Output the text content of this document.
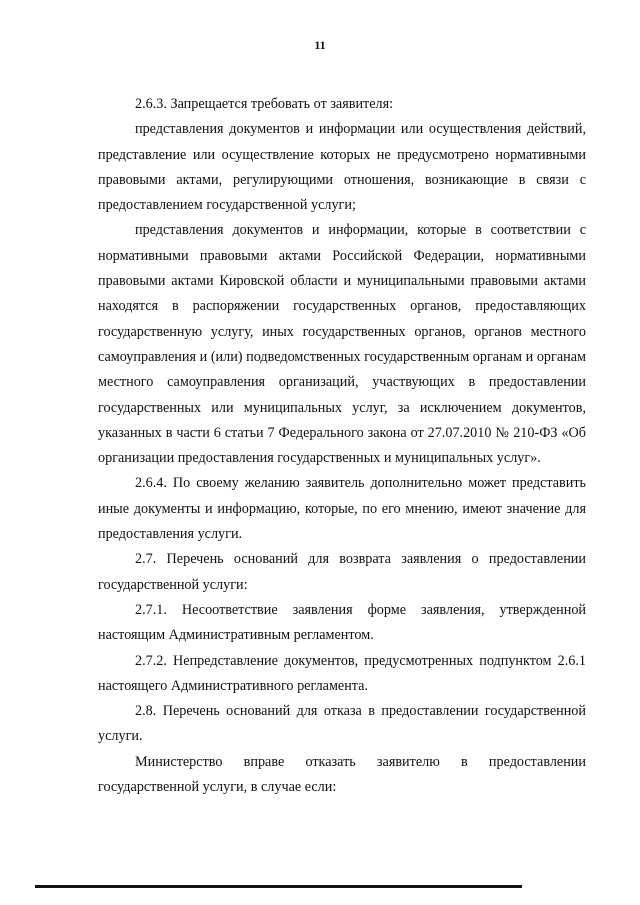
11

2.6.3. Запрещается требовать от заявителя:

представления документов и информации или осуществления действий, представление или осуществление которых не предусмотрено нормативными правовыми актами, регулирующими отношения, возникающие в связи с предоставлением государственной услуги;

представления документов и информации, которые в соответствии с нормативными правовыми актами Российской Федерации, нормативными правовыми актами Кировской области и муниципальными правовыми актами находятся в распоряжении государственных органов, предоставляющих государственную услугу, иных государственных органов, органов местного самоуправления и (или) подведомственных государственным органам и органам местного самоуправления организаций, участвующих в предоставлении государственных или муниципальных услуг, за исключением документов, указанных в части 6 статьи 7 Федерального закона от 27.07.2010 № 210-ФЗ «Об организации предоставления государственных и муниципальных услуг».

2.6.4. По своему желанию заявитель дополнительно может представить иные документы и информацию, которые, по его мнению, имеют значение для предоставления услуги.

2.7. Перечень оснований для возврата заявления о предоставлении государственной услуги:

2.7.1. Несоответствие заявления форме заявления, утвержденной настоящим Административным регламентом.

2.7.2. Непредставление документов, предусмотренных подпунктом 2.6.1 настоящего Административного регламента.

2.8. Перечень оснований для отказа в предоставлении государственной услуги.

Министерство вправе отказать заявителю в предоставлении государственной услуги, в случае если:
